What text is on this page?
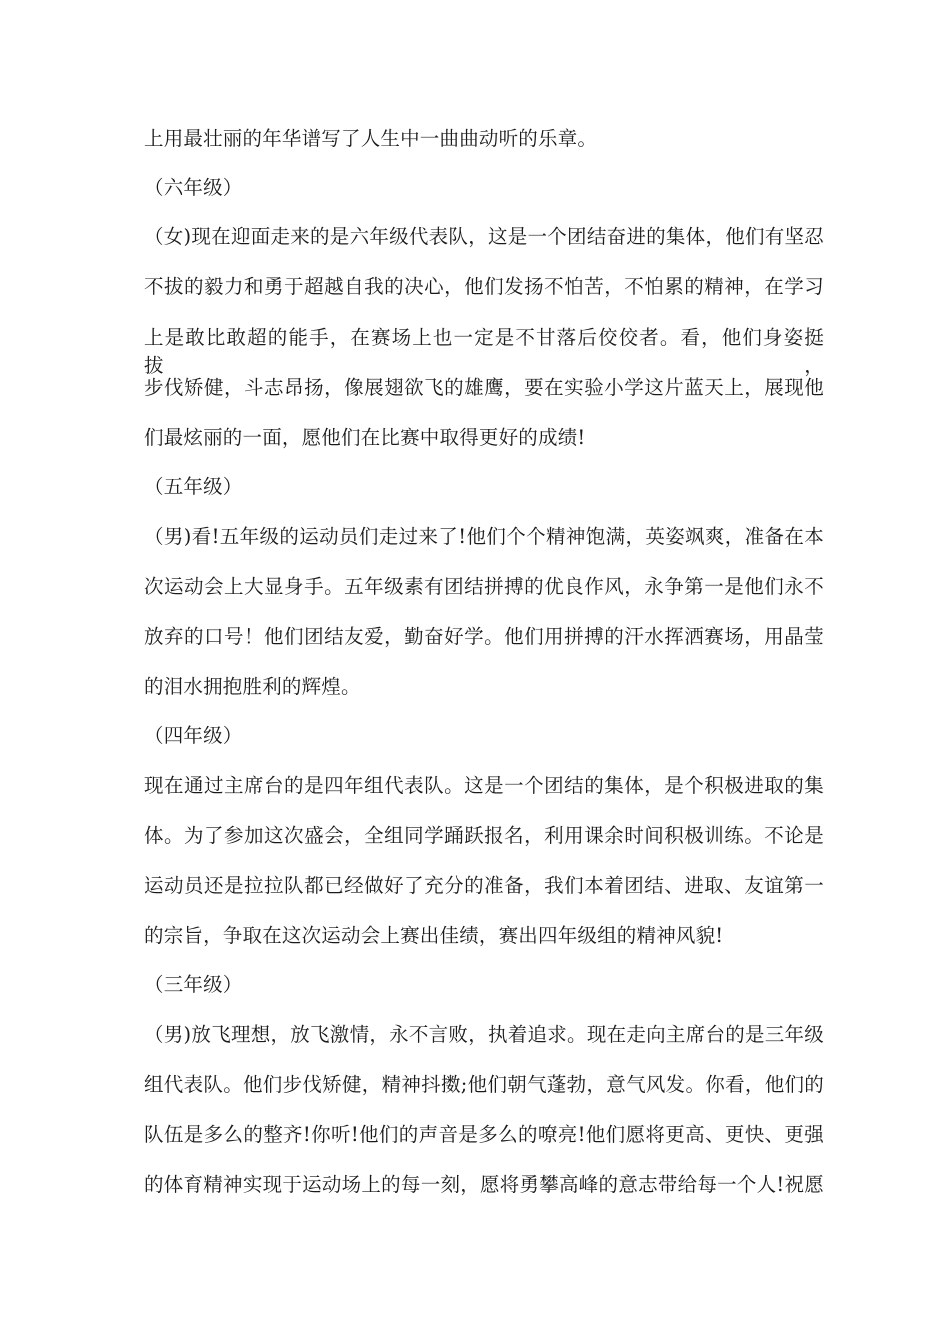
上用最壮丽的年华谱写了人生中一曲曲动听的乐章。
（六年级）
（女)现在迎面走来的是六年级代表队，这是一个团结奋进的集体，他们有坚忍
不拔的毅力和勇于超越自我的决心，他们发扬不怕苦，不怕累的精神，在学习
上是敢比敢超的能手，在赛场上也一定是不甘落后佼佼者。看，他们身姿挺拔，
步伐矫健，斗志昂扬，像展翅欲飞的雄鹰，要在实验小学这片蓝天上，展现他
们最炫丽的一面，愿他们在比赛中取得更好的成绩!
（五年级）
（男)看!五年级的运动员们走过来了!他们个个精神饱满，英姿飒爽，准备在本
次运动会上大显身手。五年级素有团结拼搏的优良作风，永争第一是他们永不
放弃的口号！他们团结友爱，勤奋好学。他们用拼搏的汗水挥洒赛场，用晶莹
的泪水拥抱胜利的辉煌。
（四年级）
现在通过主席台的是四年组代表队。这是一个团结的集体，是个积极进取的集
体。为了参加这次盛会，全组同学踊跃报名，利用课余时间积极训练。不论是
运动员还是拉拉队都已经做好了充分的准备，我们本着团结、进取、友谊第一
的宗旨，争取在这次运动会上赛出佳绩，赛出四年级组的精神风貌!
（三年级）
（男)放飞理想，放飞激情，永不言败，执着追求。现在走向主席台的是三年级
组代表队。他们步伐矫健，精神抖擞;他们朝气蓬勃，意气风发。你看，他们的
队伍是多么的整齐!你听!他们的声音是多么的嘹亮!他们愿将更高、更快、更强
的体育精神实现于运动场上的每一刻，愿将勇攀高峰的意志带给每一个人!祝愿
